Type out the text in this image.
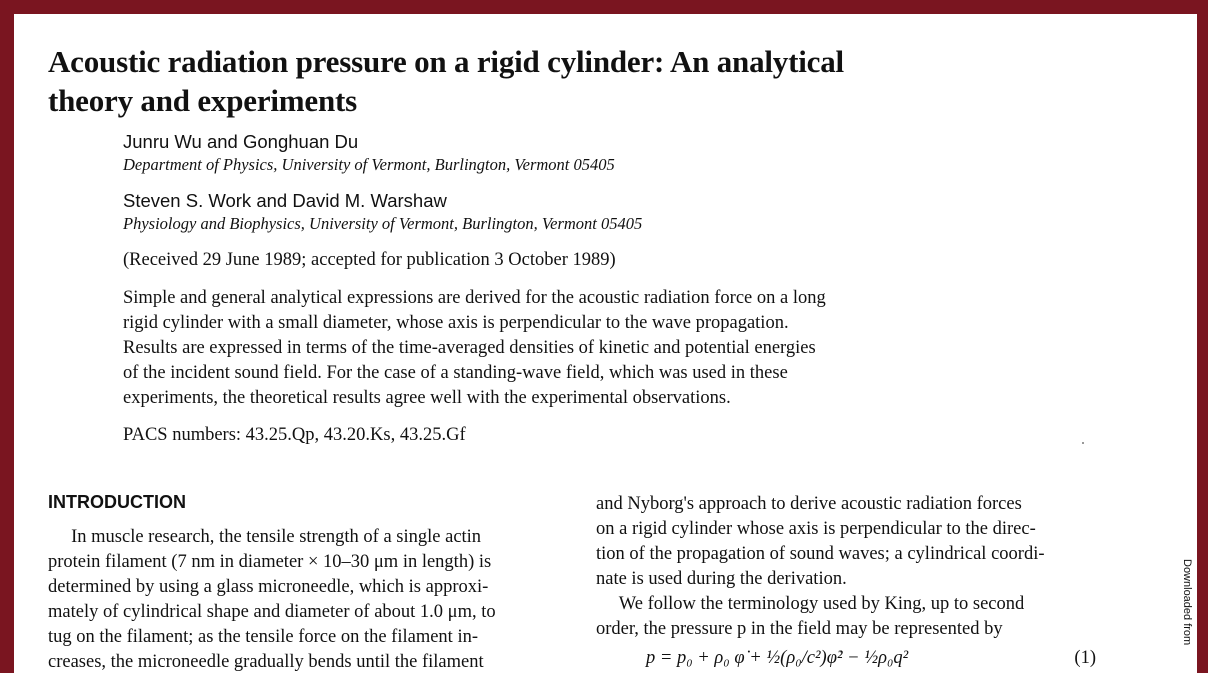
Acoustic radiation pressure on a rigid cylinder: An analytical
theory and experiments
Junru Wu and Gonghuan Du
Department of Physics, University of Vermont, Burlington, Vermont 05405
Steven S. Work and David M. Warshaw
Physiology and Biophysics, University of Vermont, Burlington, Vermont 05405
(Received 29 June 1989; accepted for publication 3 October 1989)
Simple and general analytical expressions are derived for the acoustic radiation force on a long
rigid cylinder with a small diameter, whose axis is perpendicular to the wave propagation.
Results are expressed in terms of the time-averaged densities of kinetic and potential energies
of the incident sound field. For the case of a standing-wave field, which was used in these
experiments, the theoretical results agree well with the experimental observations.
PACS numbers: 43.25.Qp, 43.20.Ks, 43.25.Gf
INTRODUCTION
In muscle research, the tensile strength of a single actin
protein filament (7 nm in diameter × 10–30 μm in length) is
determined by using a glass microneedle, which is approxi-
mately of cylindrical shape and diameter of about 1.0 μm, to
tug on the filament; as the tensile force on the filament in-
creases, the microneedle gradually bends until the filament
and Nyborg's approach to derive acoustic radiation forces
on a rigid cylinder whose axis is perpendicular to the direc-
tion of the propagation of sound waves; a cylindrical coordi-
nate is used during the derivation.
We follow the terminology used by King, up to second
order, the pressure p in the field may be represented by
p = p₀ + ρ₀ φ̇ + ½(ρ₀/c²)φ̇² − ½ρ₀q²	(1)
Downloaded from
